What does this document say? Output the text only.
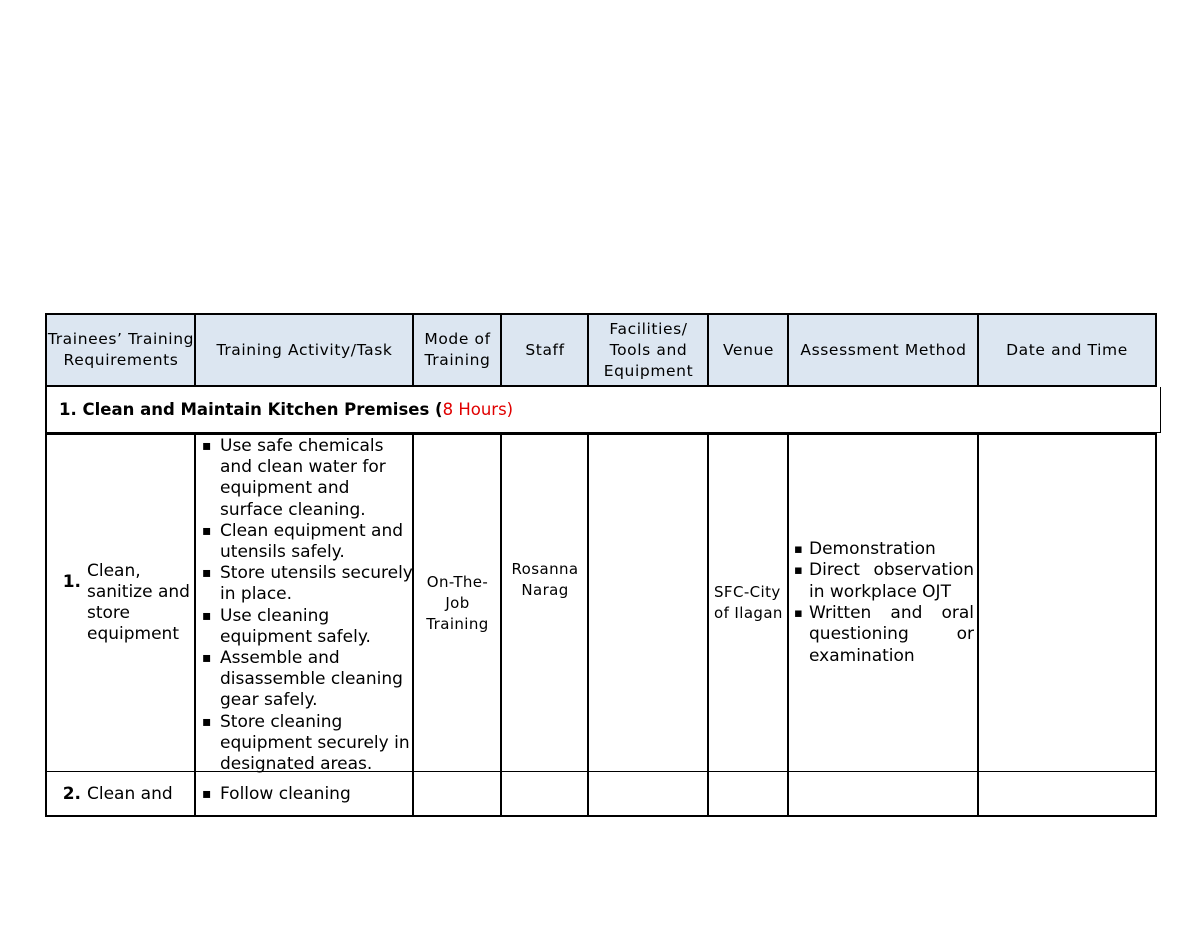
Trainees’ Training Requirements
Training Activity/Task
Mode of Training
Staff
Facilities/ Tools and Equipment
Venue	Assessment Method	Date and Time
1.
Clean and Maintain Kitchen Premises ( 8 Hours)
1.
Clean, sanitize and store equipment
▪ Use safe chemicals and clean water for equipment and surface cleaning.
▪ Clean equipment and utensils safely.
▪ Store utensils securely in place.
▪ Use cleaning equipment safely.
▪ Assemble and disassemble cleaning gear safely.
▪ Store cleaning equipment securely in designated areas.
On-The-Job Training
Rosanna Narag	SFC-City of Ilagan
▪ Demonstration
▪ Direct observation in workplace OJT
▪ Written and oral questioning or examination
2. Clean and
▪	Follow cleaning
